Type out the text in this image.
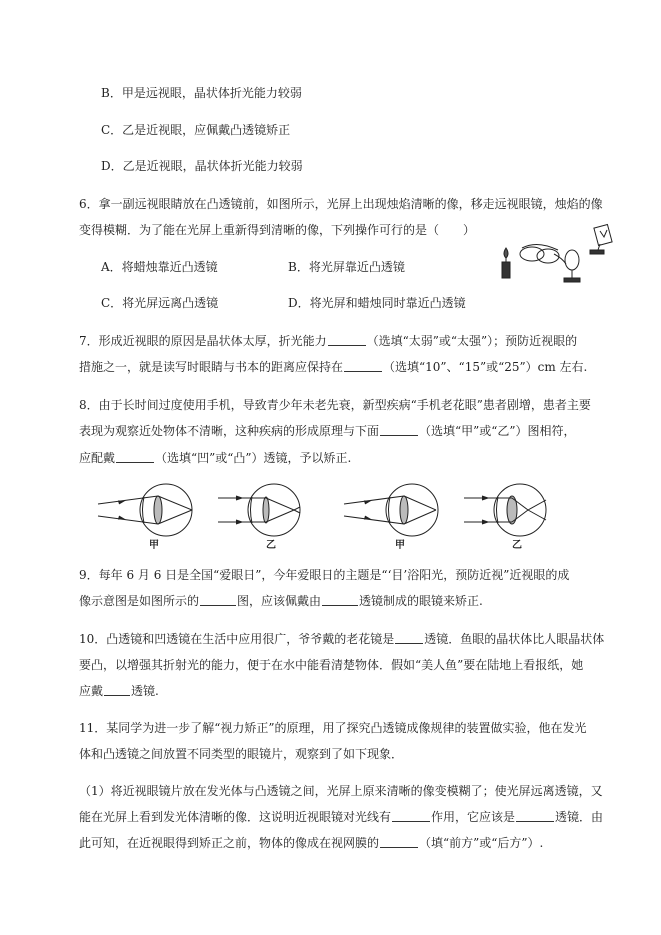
B．甲是远视眼，晶状体折光能力较弱
C．乙是近视眼，应佩戴凸透镜矫正
D．乙是近视眼，晶状体折光能力较弱
6．拿一副远视眼睛放在凸透镜前，如图所示，光屏上出现烛焰清晰的像，移走远视眼镜，烛焰的像
变得模糊．为了能在光屏上重新得到清晰的像，下列操作可行的是（　　）
A．将蜡烛靠近凸透镜	B．将光屏靠近凸透镜
C．将光屏远离凸透镜	D．将光屏和蜡烛同时靠近凸透镜
7．形成近视眼的原因是晶状体太厚，折光能力	（选填“太弱”或“太强”）；预防近视眼的
措施之一，就是读写时眼睛与书本的距离应保持在	（选填“10”、“15”或“25”）cm 左右.
8．由于长时间过度使用手机，导致青少年未老先衰，新型疾病“手机老花眼”患者剧增，患者主要
表现为观察近处物体不清晰，这种疾病的形成原理与下面	（选填“甲”或“乙”）图相符，
应配戴	（选填“凹”或“凸”）透镜，予以矫正.
甲	乙	甲	乙
9．每年 6 月 6 日是全国“爱眼日”，今年爱眼日的主题是“‘目’浴阳光，预防近视”近视眼的成
像示意图是如图所示的	图，应该佩戴由	透镜制成的眼镜来矫正.
10．凸透镜和凹透镜在生活中应用很广，爷爷戴的老花镜是	透镜．鱼眼的晶状体比人眼晶状体
要凸，以增强其折射光的能力，便于在水中能看清楚物体．假如“美人鱼”要在陆地上看报纸，她
应戴 透镜.
11．某同学为进一步了解“视力矫正”的原理，用了探究凸透镜成像规律的装置做实验，他在发光
体和凸透镜之间放置不同类型的眼镜片，观察到了如下现象．
（1）将近视眼镜片放在发光体与凸透镜之间，光屏上原来清晰的像变模糊了；使光屏远离透镜，又
能在光屏上看到发光体清晰的像．这说明近视眼镜对光线有	作用，它应该是	透镜．由
此可知，在近视眼得到矫正之前，物体的像成在视网膜的	（填“前方”或“后方”）.
